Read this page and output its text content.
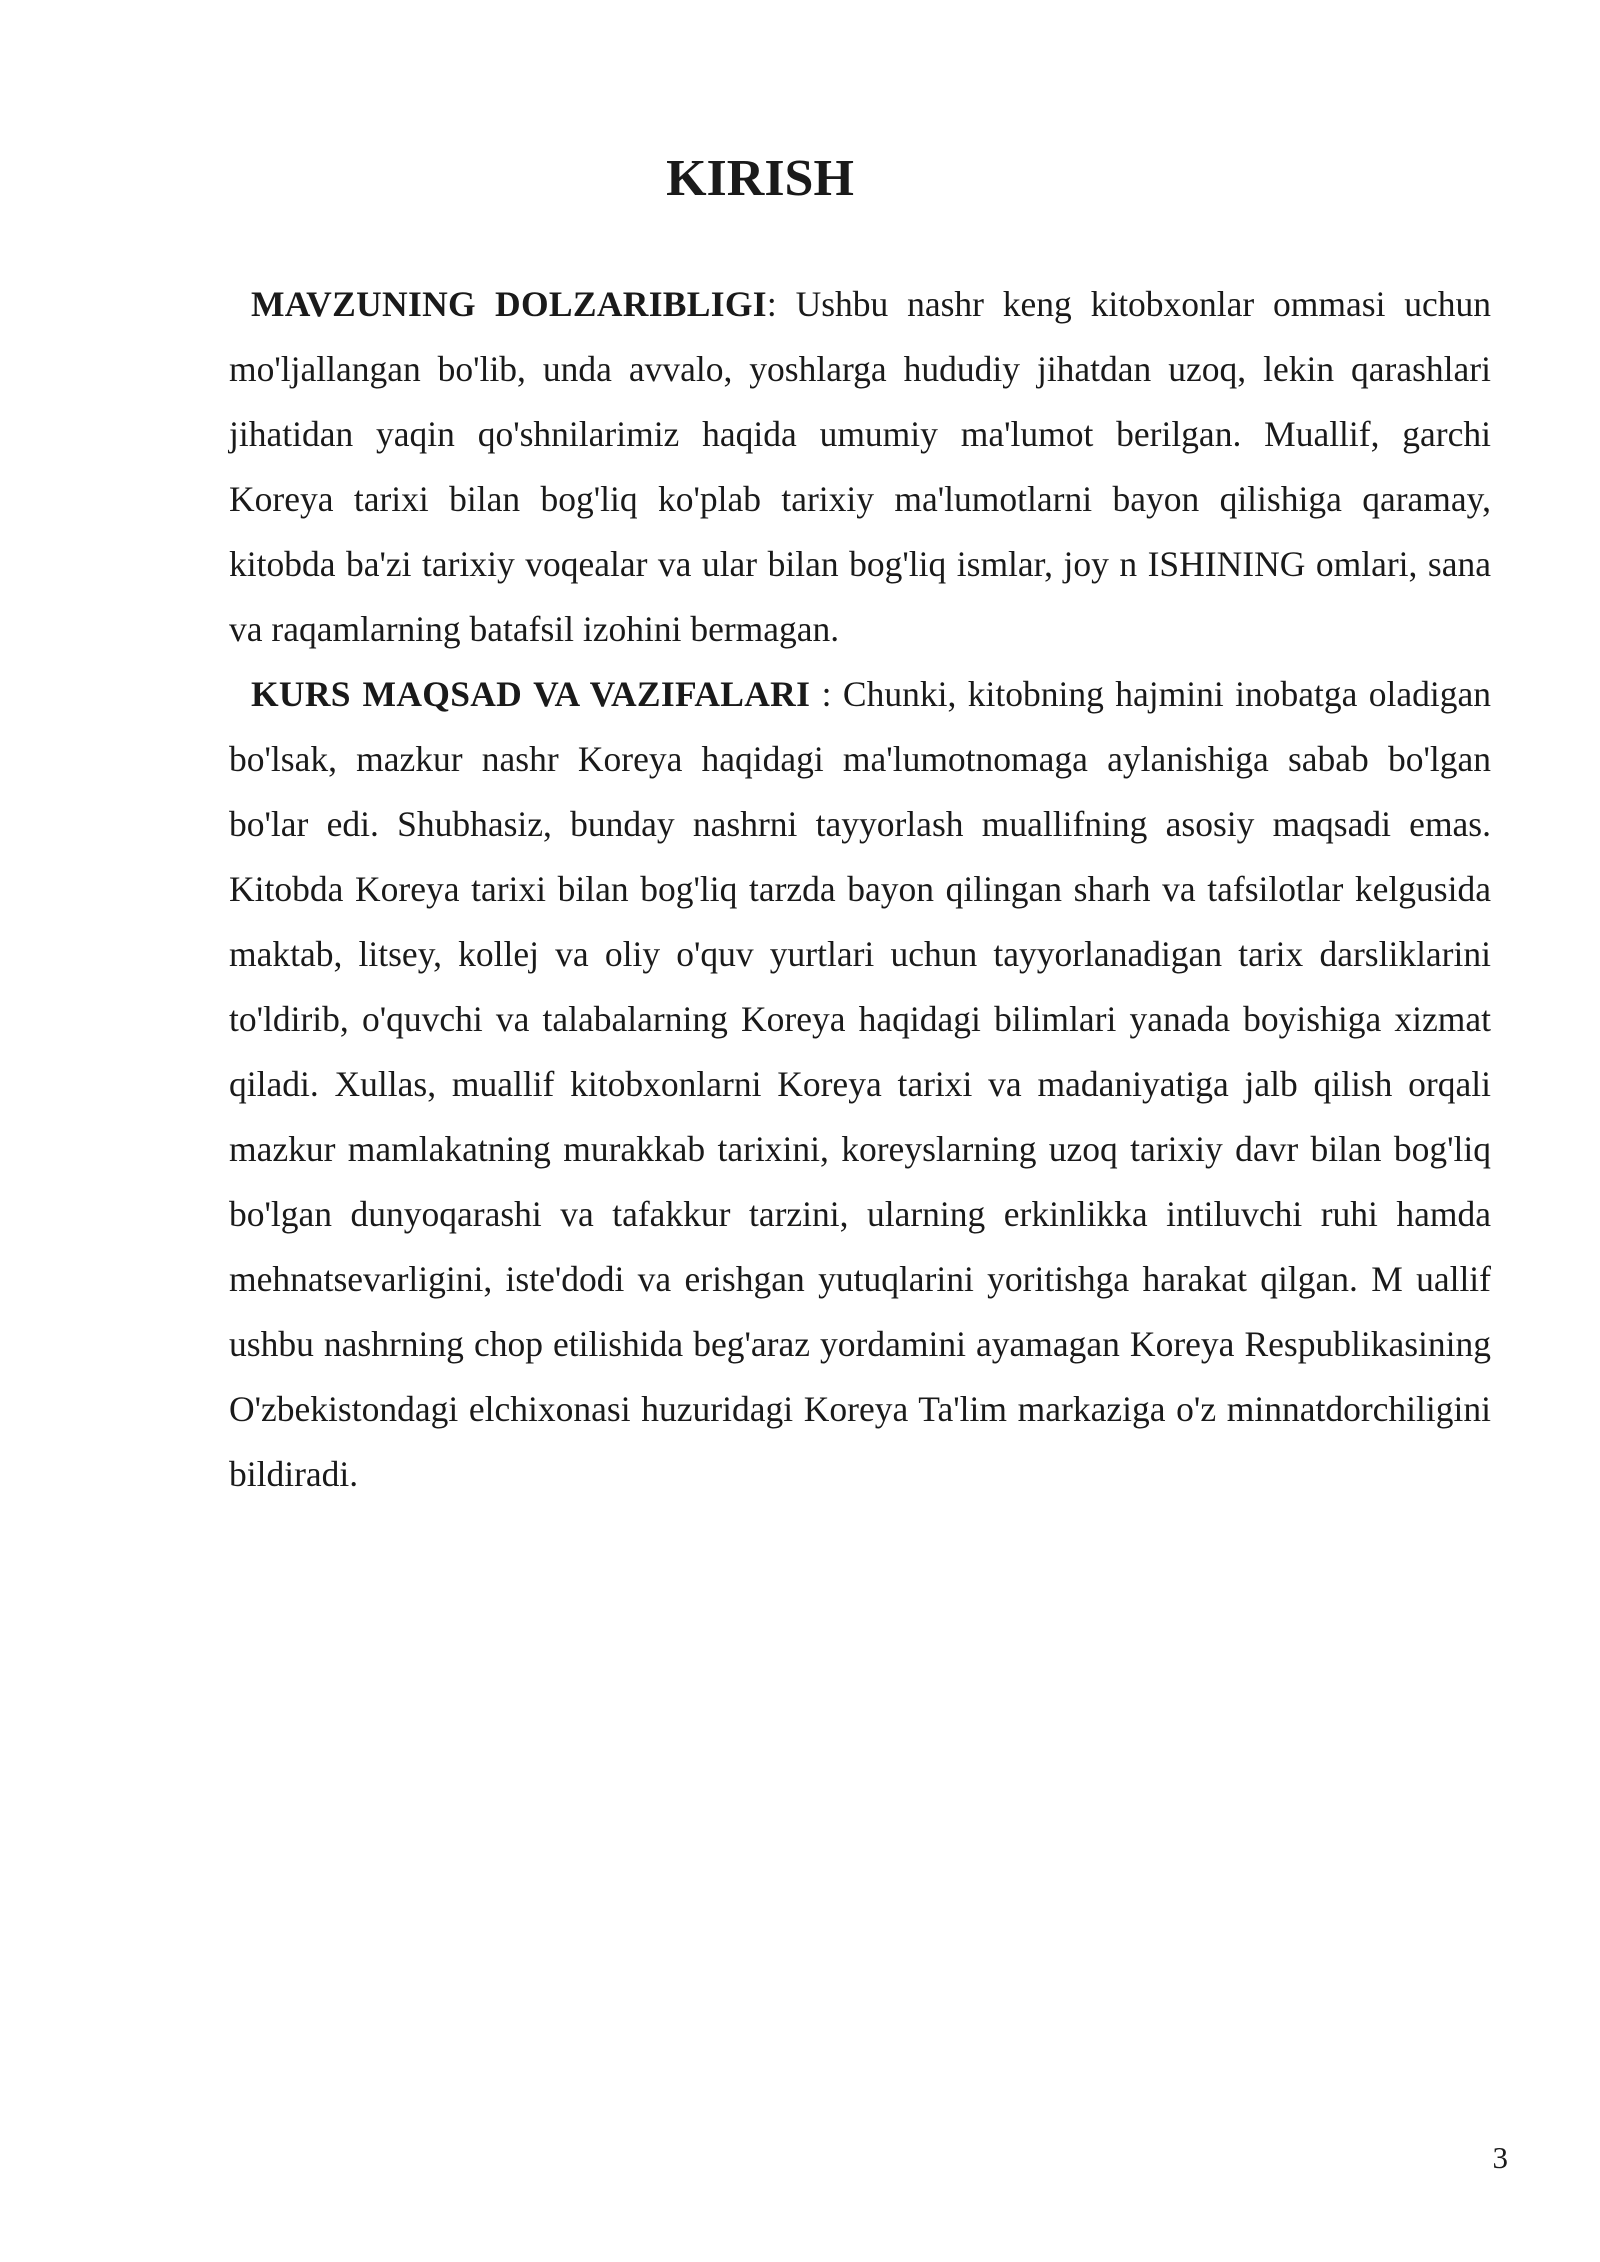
KIRISH

MAVZUNING DOLZARIBLIGI: Ushbu nashr keng kitobxonlar ommasi uchun mo'ljallangan bo'lib, unda avvalo, yoshlarga hududiy jihatdan uzoq, lekin qarashlari jihatidan yaqin qo'shnilarimiz haqida umumiy ma'lumot berilgan. Muallif, garchi Koreya tarixi bilan bog'liq ko'plab tarixiy ma'lumotlarni bayon qilishiga qaramay, kitobda ba'zi tarixiy voqealar va ular bilan bog'liq ismlar, joy n ISHINING omlari, sana va raqamlarning batafsil izohini bermagan.

KURS MAQSAD VA VAZIFALARI : Chunki, kitobning hajmini inobatga oladigan bo'lsak, mazkur nashr Koreya haqidagi ma'lumotnomaga aylanishiga sabab bo'lgan bo'lar edi. Shubhasiz, bunday nashrni tayyorlash muallifning asosiy maqsadi emas. Kitobda Koreya tarixi bilan bog'liq tarzda bayon qilingan sharh va tafsilotlar kelgusida maktab, litsey, kollej va oliy o'quv yurtlari uchun tayyorlanadigan tarix darsliklarini to'ldirib, o'quvchi va talabalarning Koreya haqidagi bilimlari yanada boyishiga xizmat qiladi. Xullas, muallif kitobxonlarni Koreya tarixi va madaniyatiga jalb qilish orqali mazkur mamlakatning murakkab tarixini, koreyslarning uzoq tarixiy davr bilan bog'liq bo'lgan dunyoqarashi va tafakkur tarzini, ularning erkinlikka intiluvchi ruhi hamda mehnatsevarligini, iste'dodi va erishgan yutuqlarini yoritishga harakat qilgan. M uallif ushbu nashrning chop etilishida beg'araz yordamini ayamagan Koreya Respublikasining O'zbekistondagi elchixonasi huzuridagi Koreya Ta'lim markaziga o'z minnatdorchiligini bildiradi.

3
